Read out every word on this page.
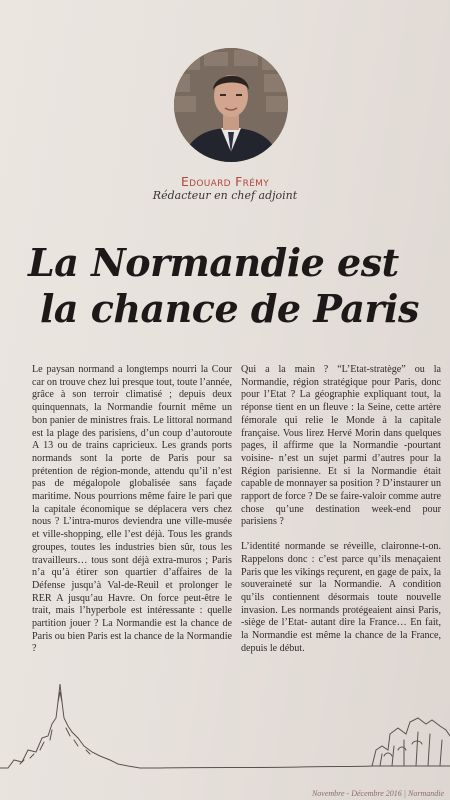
Edouard Frémy
Rédacteur en chef adjoint
La Normandie est
la chance de Paris

Le paysan normand a longtemps nourri la Cour car on trouve chez lui presque tout, toute l’année, grâce à son terroir climatisé ; depuis deux quinquennats, la Normandie fournit même un bon panier de ministres frais. Le littoral normand est la plage des parisiens, d’un coup d’autoroute A 13 ou de trains capricieux. Les grands ports normands sont la porte de Paris pour sa prétention de région-monde, attendu qu’il n’est pas de mégalopole globalisée sans façade maritime. Nous pourrions même faire le pari que la capitale économique se déplacera vers chez nous ? L’intra-muros deviendra une ville-musée et ville-shopping, elle l’est déjà. Tous les grands groupes, toutes les industries bien sûr, tous les travailleurs… tous sont déjà extra-muros ; Paris n’a qu’à étirer son quartier d’affaires de la Défense jusqu’à Val-de-Reuil et prolonger le RER A jusqu’au Havre. On force peut-être le trait, mais l’hyperbole est intéressante : quelle partition jouer ? La Normandie est la chance de Paris ou bien Paris est la chance de la Normandie ?

Qui a la main ? “L’Etat-stratège” ou la Normandie, région stratégique pour Paris, donc pour l’Etat ? La géographie expliquant tout, la réponse tient en un fleuve : la Seine, cette artère fémorale qui relie le Monde à la capitale française. Vous lirez Hervé Morin dans quelques pages, il affirme que la Normandie -pourtant voisine- n’est un sujet parmi d’autres pour la Région parisienne. Et si la Normandie était capable de monnayer sa position ? D’instaurer un rapport de force ? De se faire-valoir comme autre chose qu’une destination week-end pour parisiens ?

L’identité normande se réveille, claironne-t-on. Rappelons donc : c’est parce qu’ils menaçaient Paris que les vikings reçurent, en gage de paix, la souveraineté sur la Normandie. A condition qu’ils contiennent désormais toute nouvelle invasion. Les normands protégeaient ainsi Paris, -siège de l’Etat- autant dire la France… En fait, la Normandie est même la chance de la France, depuis le début.

Novembre - Décembre 2016 | Normandie
